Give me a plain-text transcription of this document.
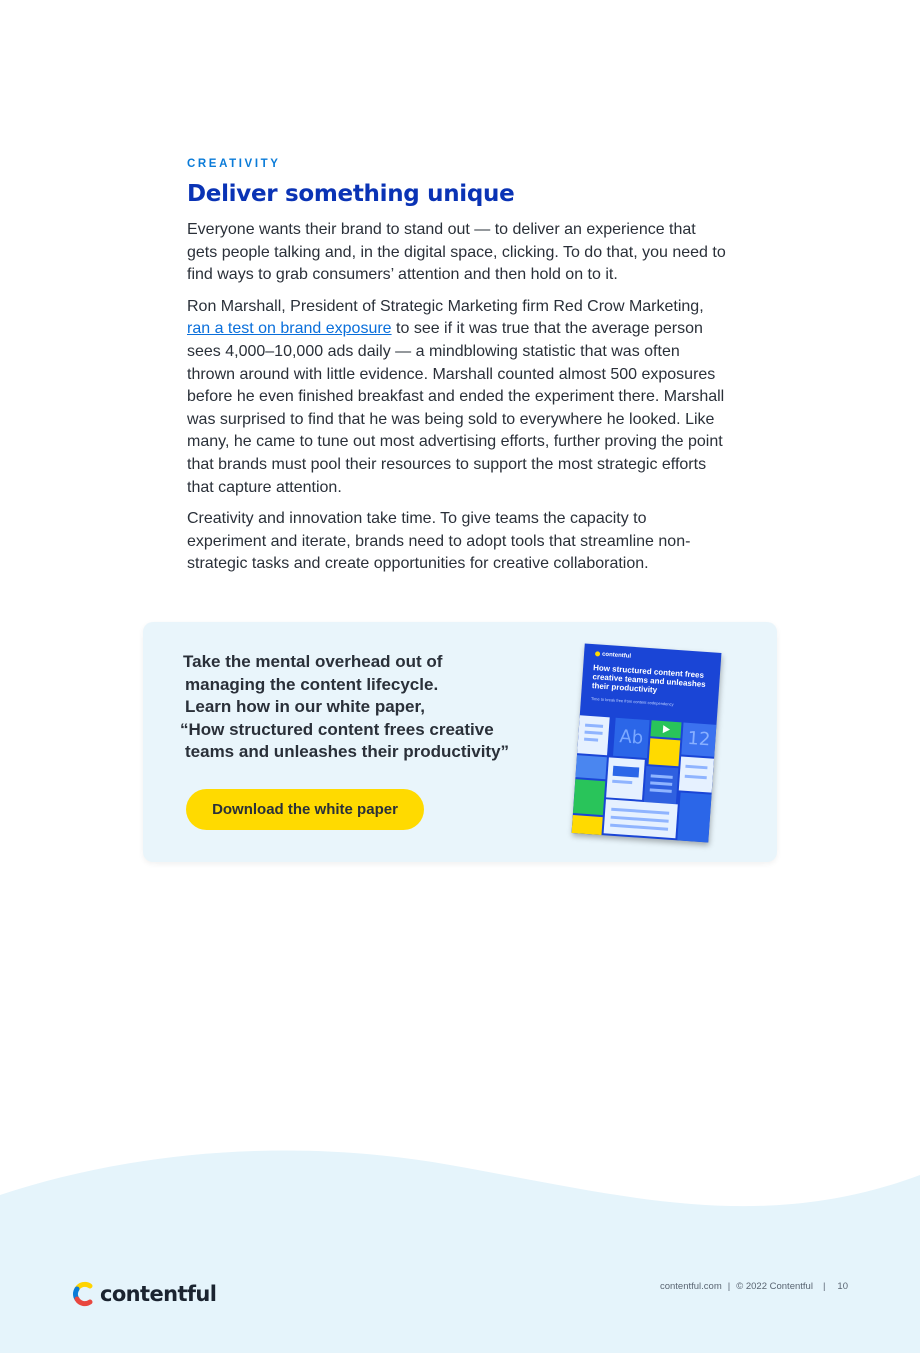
CREATIVITY
Deliver something unique

Everyone wants their brand to stand out — to deliver an experience that gets people talking and, in the digital space, clicking. To do that, you need to find ways to grab consumers’ attention and then hold on to it.

Ron Marshall, President of Strategic Marketing firm Red Crow Marketing, ran a test on brand exposure to see if it was true that the average person sees 4,000–10,000 ads daily — a mindblowing statistic that was often thrown around with little evidence. Marshall counted almost 500 exposures before he even finished breakfast and ended the experiment there. Marshall was surprised to find that he was being sold to everywhere he looked. Like many, he came to tune out most advertising efforts, further proving the point that brands must pool their resources to support the most strategic efforts that capture attention.

Creativity and innovation take time. To give teams the capacity to experiment and iterate, brands need to adopt tools that streamline non-strategic tasks and create opportunities for creative collaboration.

Take the mental overhead out of
managing the content lifecycle.
Learn how in our white paper,
“How structured content frees creative
teams and unleashes their productivity”
Download the white paper
contentful
How structured content frees creative teams and unleashes their productivity
Time to break free from content codependency
Ab	12
contentful	contentful.com | © 2022 Contentful | 10
